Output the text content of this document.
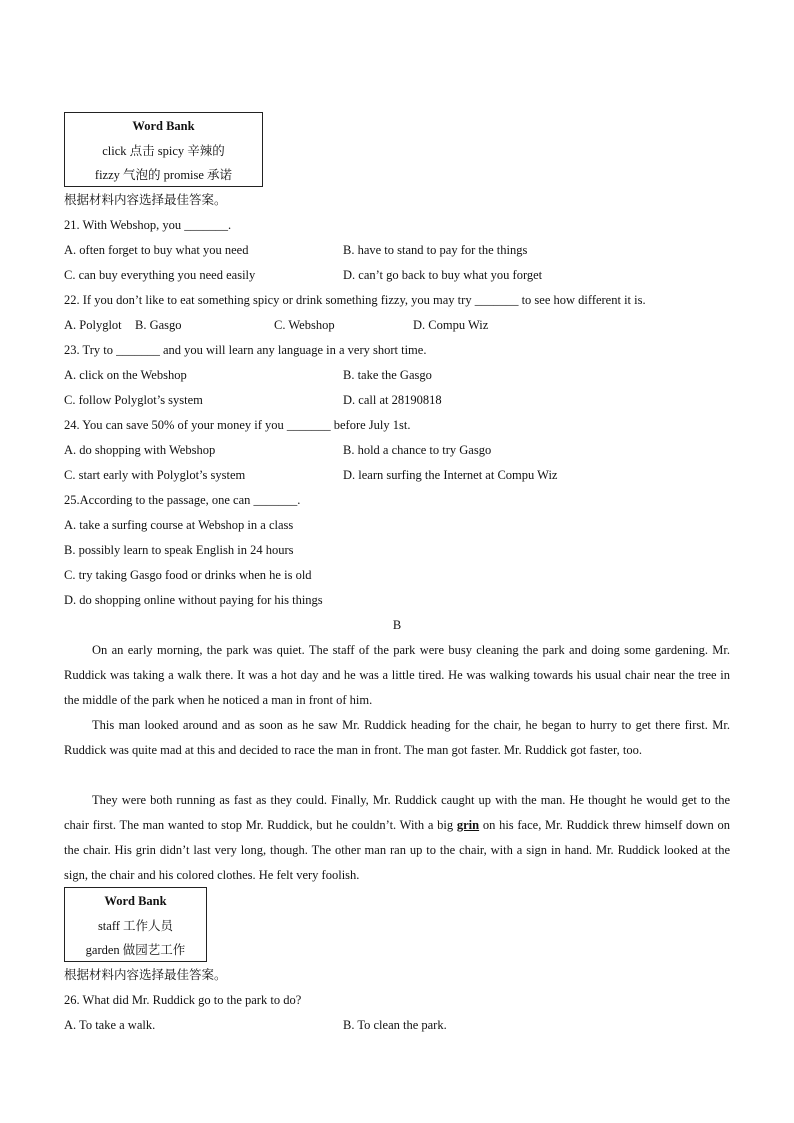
Word Bank
click 点击 spicy 辛辣的
fizzy 气泡的 promise 承诺
根据材料内容选择最佳答案。
21. With Webshop, you _______.
A. often forget to buy what you need	B. have to stand to pay for the things
C. can buy everything you need easily	D. can’t go back to buy what you forget
22. If you don’t like to eat something spicy or drink something fizzy, you may try _______ to see how different it is.
A. Polyglot B. Gasgo	C. Webshop	D. Compu Wiz
23. Try to _______ and you will learn any language in a very short time.
A. click on the Webshop	B. take the Gasgo
C. follow Polyglot’s system	D. call at 28190818
24. You can save 50% of your money if you _______ before July 1st.
A. do shopping with Webshop	B. hold a chance to try Gasgo
C. start early with Polyglot’s system	D. learn surfing the Internet at Compu Wiz
25.According to the passage, one can _______.
A. take a surfing course at Webshop in a class
B. possibly learn to speak English in 24 hours
C. try taking Gasgo food or drinks when he is old
D. do shopping online without paying for his things
B
On an early morning, the park was quiet. The staff of the park were busy cleaning the park and doing some gardening. Mr. Ruddick was taking a walk there. It was a hot day and he was a little tired. He was walking towards his usual chair near the tree in the middle of the park when he noticed a man in front of him.
This man looked around and as soon as he saw Mr. Ruddick heading for the chair, he began to hurry to get there first. Mr. Ruddick was quite mad at this and decided to race the man in front. The man got faster. Mr. Ruddick got faster, too.
They were both running as fast as they could. Finally, Mr. Ruddick caught up with the man. He thought he would get to the chair first. The man wanted to stop Mr. Ruddick, but he couldn’t. With a big grin on his face, Mr. Ruddick threw himself down on the chair. His grin didn’t last very long, though. The other man ran up to the chair, with a sign in hand. Mr. Ruddick looked at the sign, the chair and his colored clothes. He felt very foolish.
Word Bank
staff 工作人员
garden 做园艺工作
根据材料内容选择最佳答案。
26. What did Mr. Ruddick go to the park to do?
A. To take a walk.	B. To clean the park.
